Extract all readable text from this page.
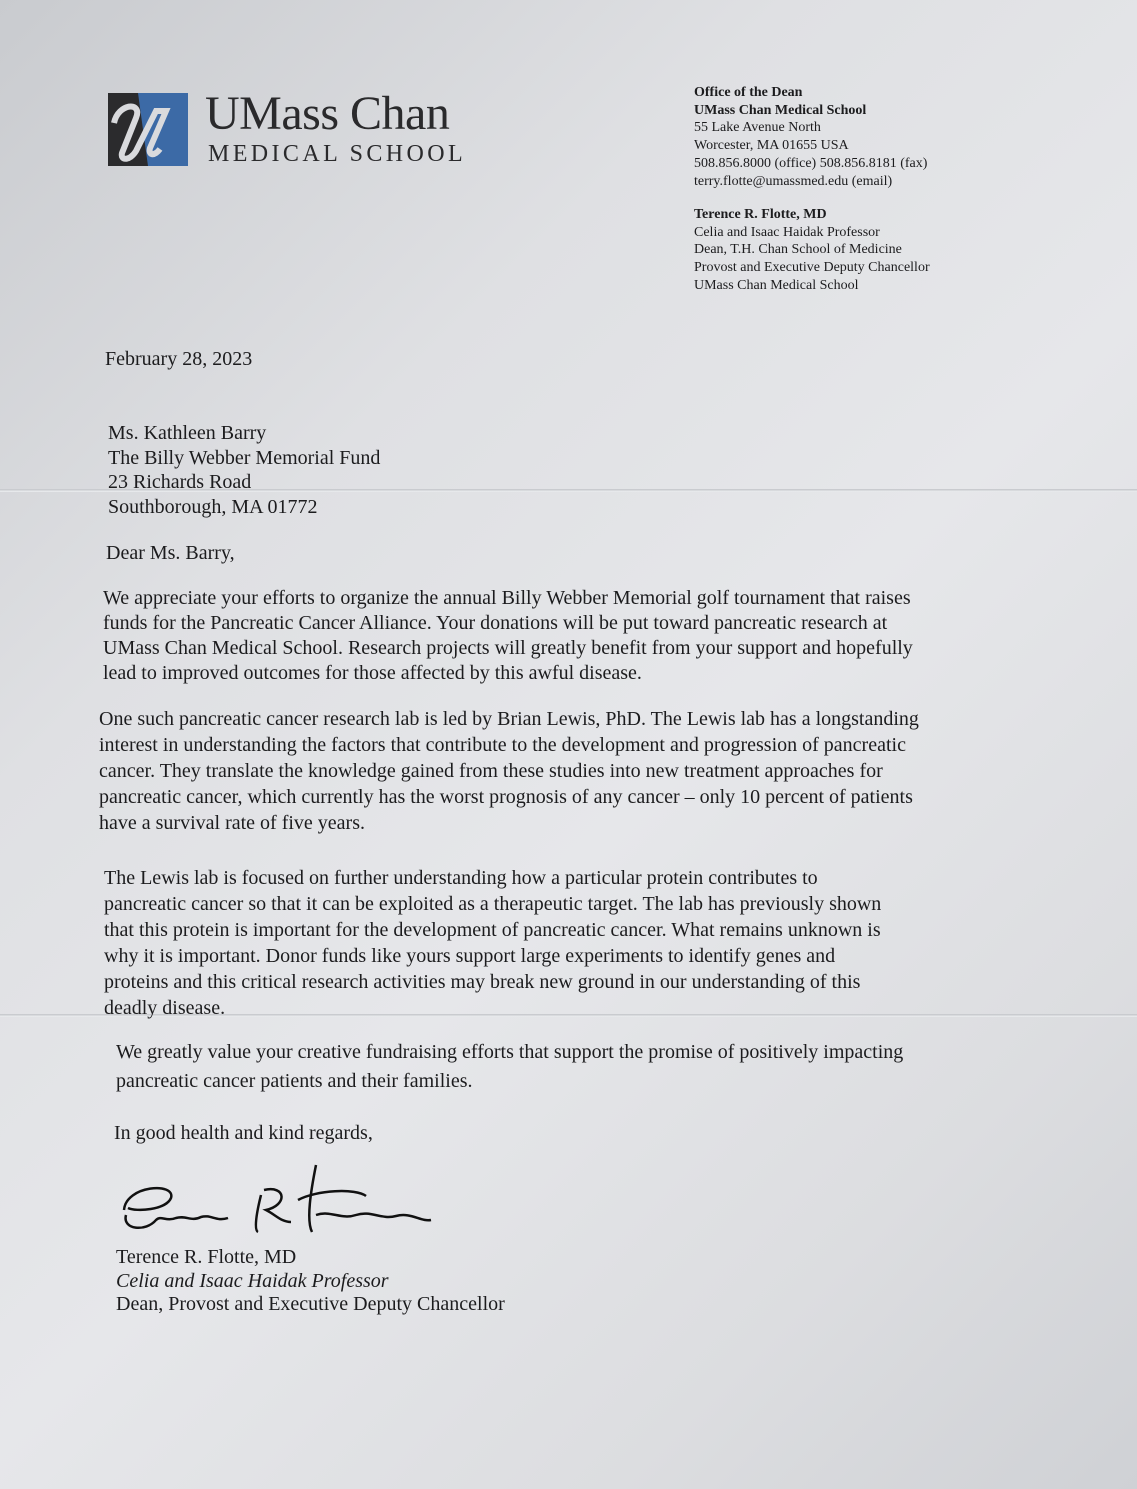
UMass Chan
MEDICAL SCHOOL
Office of the Dean
UMass Chan Medical School
55 Lake Avenue North
Worcester, MA 01655 USA
508.856.8000 (office) 508.856.8181 (fax)
terry.flotte@umassmed.edu (email)
Terence R. Flotte, MD
Celia and Isaac Haidak Professor
Dean, T.H. Chan School of Medicine
Provost and Executive Deputy Chancellor
UMass Chan Medical School
February 28, 2023
Ms. Kathleen Barry
The Billy Webber Memorial Fund
23 Richards Road
Southborough, MA 01772
Dear Ms. Barry,
We appreciate your efforts to organize the annual Billy Webber Memorial golf tournament that raises
funds for the Pancreatic Cancer Alliance. Your donations will be put toward pancreatic research at
UMass Chan Medical School. Research projects will greatly benefit from your support and hopefully
lead to improved outcomes for those affected by this awful disease.
One such pancreatic cancer research lab is led by Brian Lewis, PhD. The Lewis lab has a longstanding
interest in understanding the factors that contribute to the development and progression of pancreatic
cancer. They translate the knowledge gained from these studies into new treatment approaches for
pancreatic cancer, which currently has the worst prognosis of any cancer – only 10 percent of patients
have a survival rate of five years.
The Lewis lab is focused on further understanding how a particular protein contributes to
pancreatic cancer so that it can be exploited as a therapeutic target. The lab has previously shown
that this protein is important for the development of pancreatic cancer. What remains unknown is
why it is important. Donor funds like yours support large experiments to identify genes and
proteins and this critical research activities may break new ground in our understanding of this
deadly disease.
We greatly value your creative fundraising efforts that support the promise of positively impacting
pancreatic cancer patients and their families.
In good health and kind regards,
Terence R. Flotte, MD
Celia and Isaac Haidak Professor
Dean, Provost and Executive Deputy Chancellor
